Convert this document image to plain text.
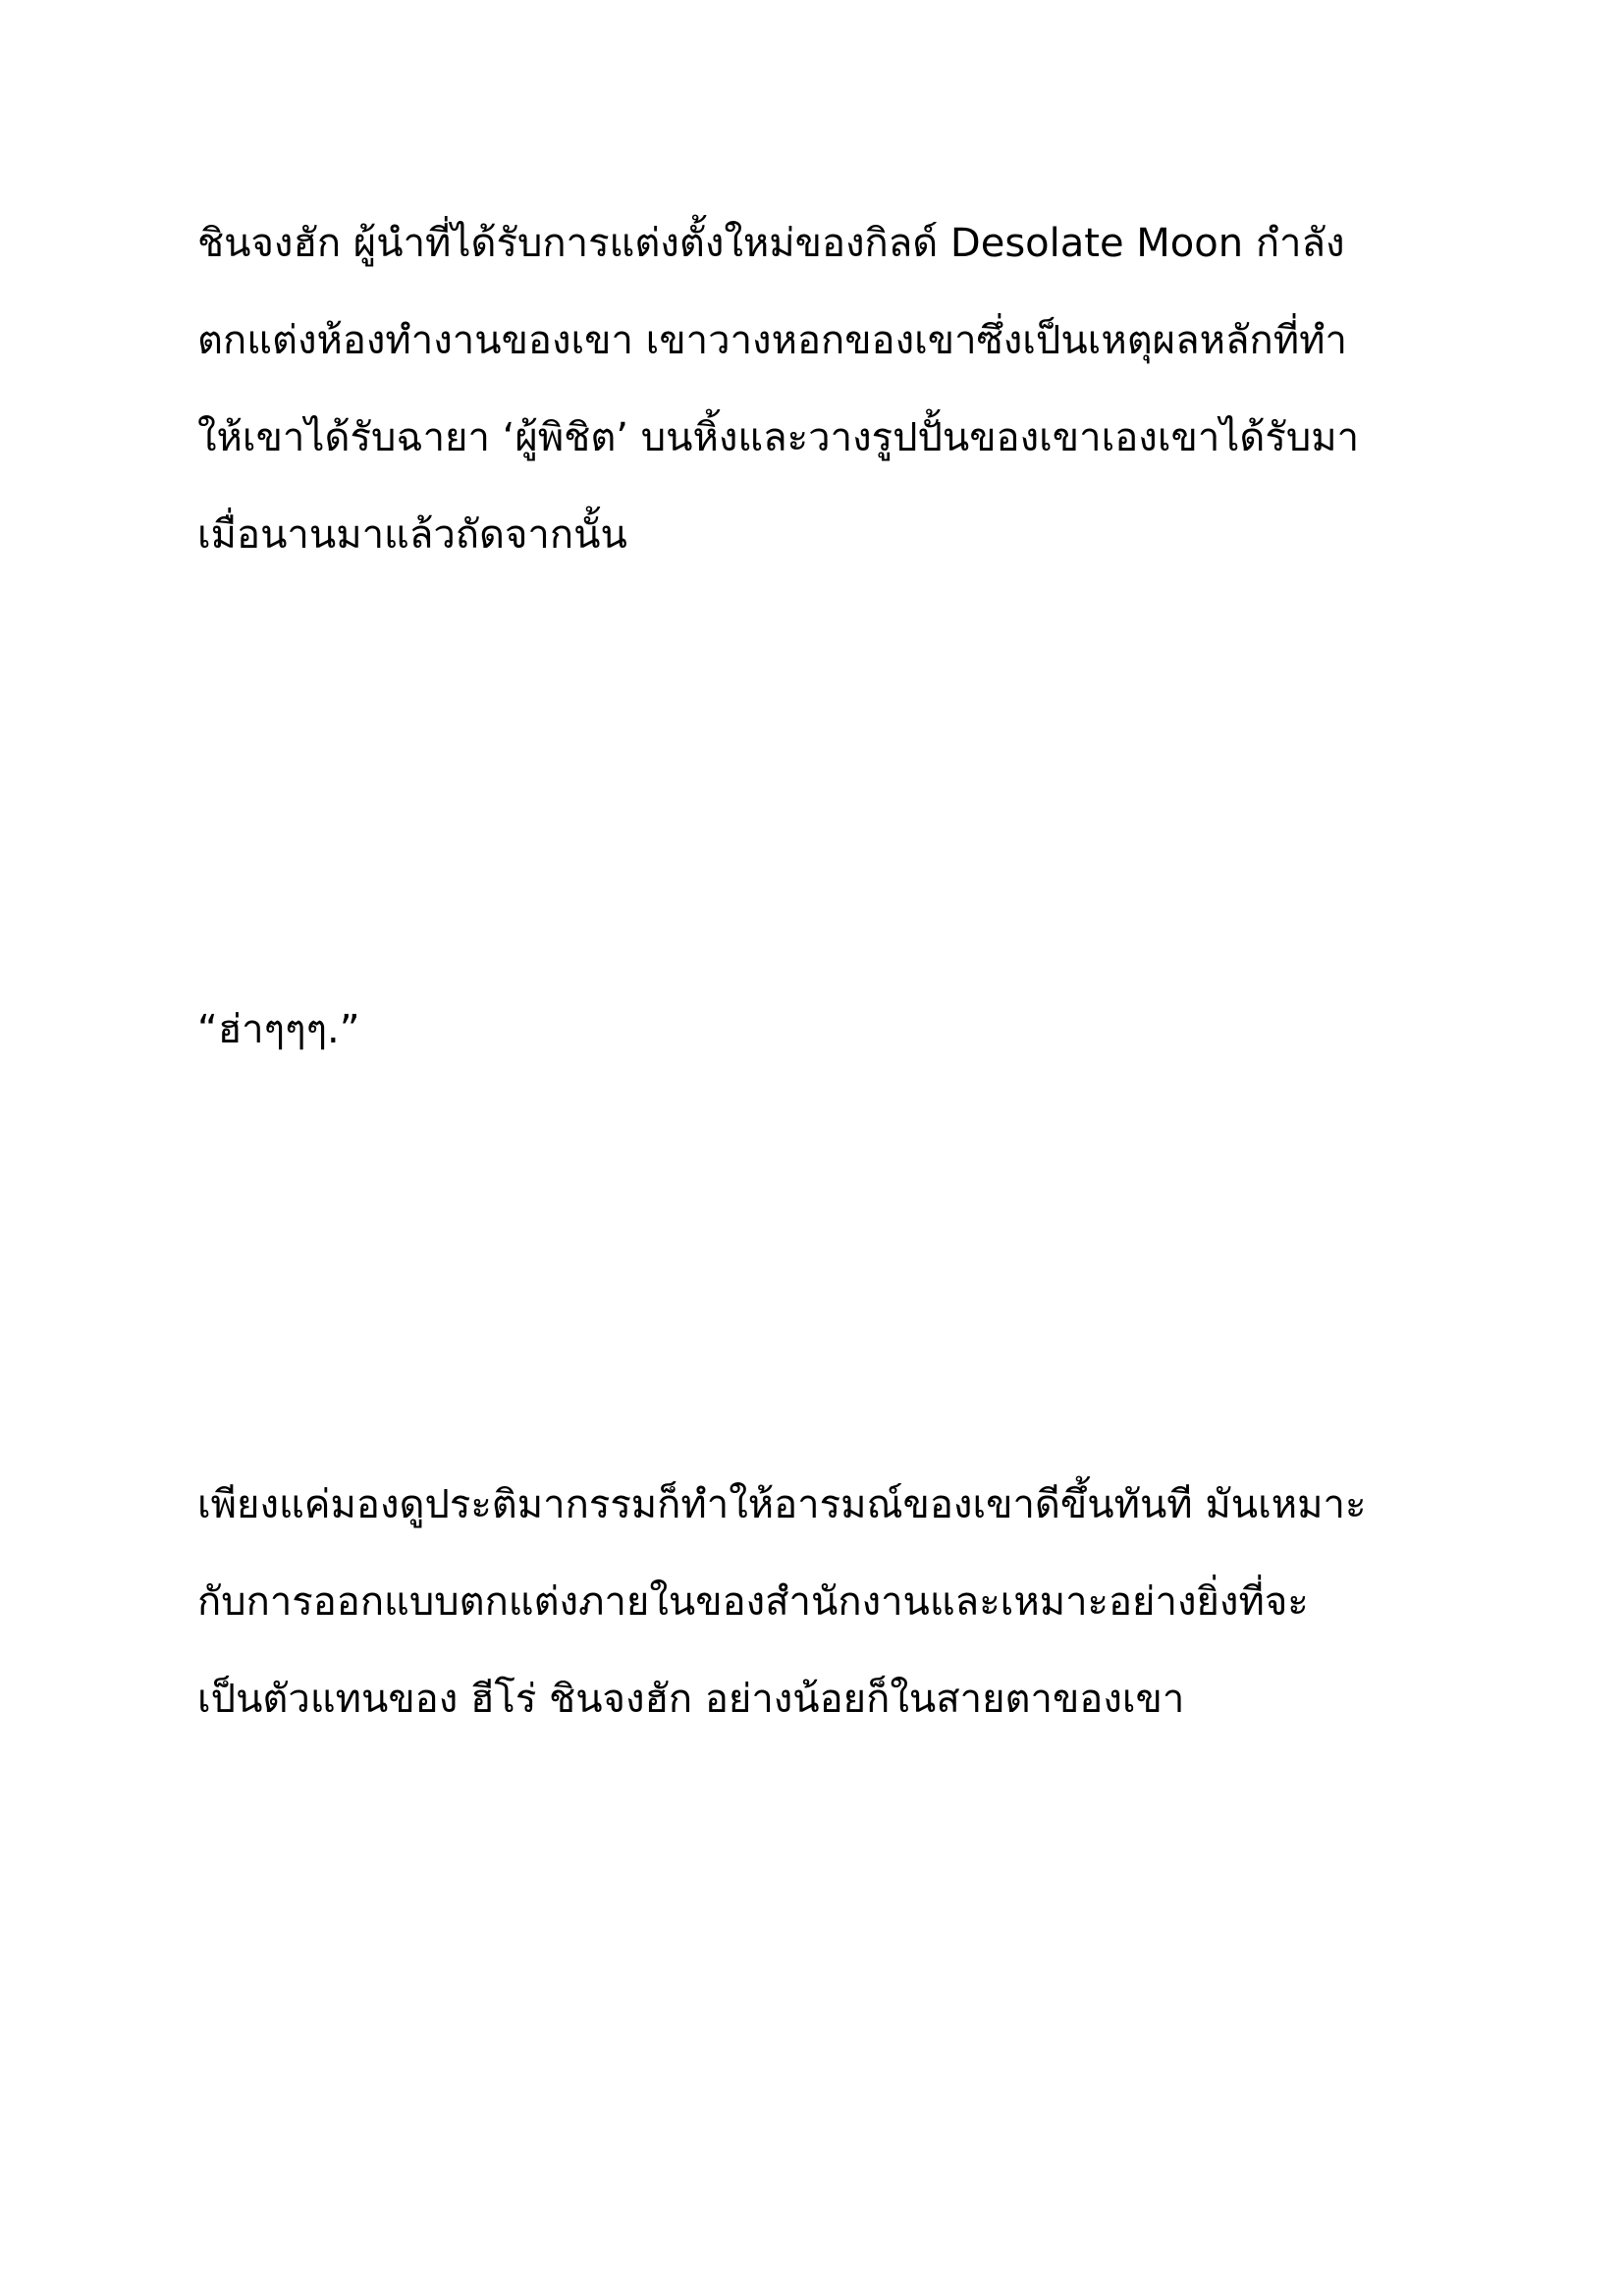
ชินจงฮัก ผู้นำที่ได้รับการแต่งตั้งใหม่ของกิลด์ Desolate Moon กำลัง
ตกแต่งห้องทำงานของเขา เขาวางหอกของเขาซึ่งเป็นเหตุผลหลักที่ทำ
ให้เขาได้รับฉายา ‘ผู้พิชิต’ บนหิ้งและวางรูปปั้นของเขาเองเขาได้รับมา
เมื่อนานมาแล้วถัดจากนั้น

“ฮ่าๆๆๆ.”

เพียงแค่มองดูประติมากรรมก็ทำให้อารมณ์ของเขาดีขึ้นทันที มันเหมาะ
กับการออกแบบตกแต่งภายในของสำนักงานและเหมาะอย่างยิ่งที่จะ
เป็นตัวแทนของ ฮีโร่ ชินจงฮัก อย่างน้อยก็ในสายตาของเขา
